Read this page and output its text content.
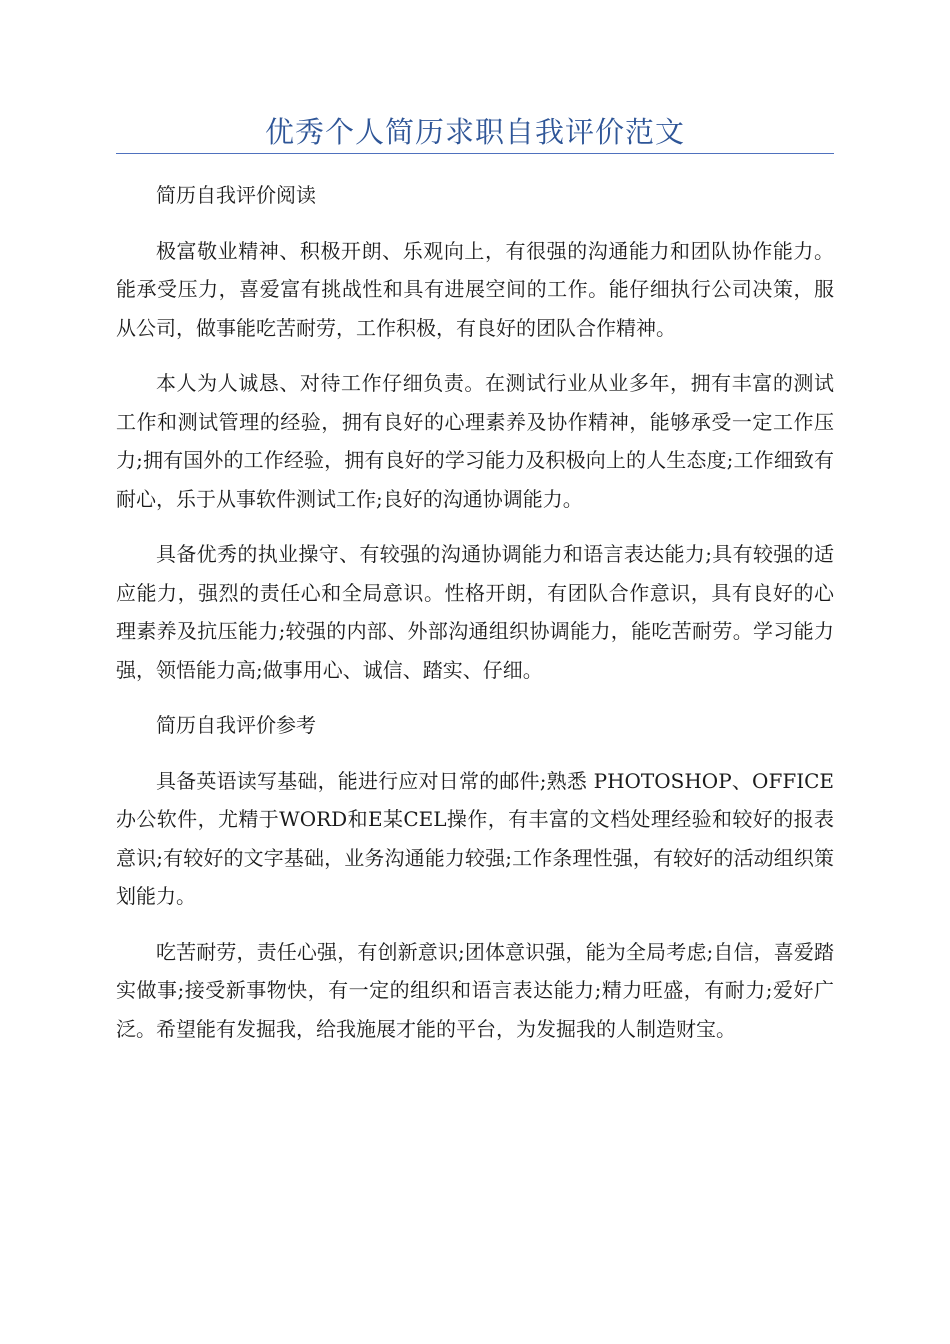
优秀个人简历求职自我评价范文

简历自我评价阅读

极富敬业精神、积极开朗、乐观向上，有很强的沟通能力和团队协作能力。能承受压力，喜爱富有挑战性和具有进展空间的工作。能仔细执行公司决策，服从公司，做事能吃苦耐劳，工作积极，有良好的团队合作精神。

本人为人诚恳、对待工作仔细负责。在测试行业从业多年，拥有丰富的测试工作和测试管理的经验，拥有良好的心理素养及协作精神，能够承受一定工作压力;拥有国外的工作经验，拥有良好的学习能力及积极向上的人生态度;工作细致有耐心，乐于从事软件测试工作;良好的沟通协调能力。

具备优秀的执业操守、有较强的沟通协调能力和语言表达能力;具有较强的适应能力，强烈的责任心和全局意识。性格开朗，有团队合作意识，具有良好的心理素养及抗压能力;较强的内部、外部沟通组织协调能力，能吃苦耐劳。学习能力强，领悟能力高;做事用心、诚信、踏实、仔细。

简历自我评价参考

具备英语读写基础，能进行应对日常的邮件;熟悉 PHOTOSHOP、OFFICE办公软件，尤精于WORD和E某CEL操作，有丰富的文档处理经验和较好的报表意识;有较好的文字基础，业务沟通能力较强;工作条理性强，有较好的活动组织策划能力。

吃苦耐劳，责任心强，有创新意识;团体意识强，能为全局考虑;自信，喜爱踏实做事;接受新事物快，有一定的组织和语言表达能力;精力旺盛，有耐力;爱好广泛。希望能有发掘我，给我施展才能的平台，为发掘我的人制造财宝。
